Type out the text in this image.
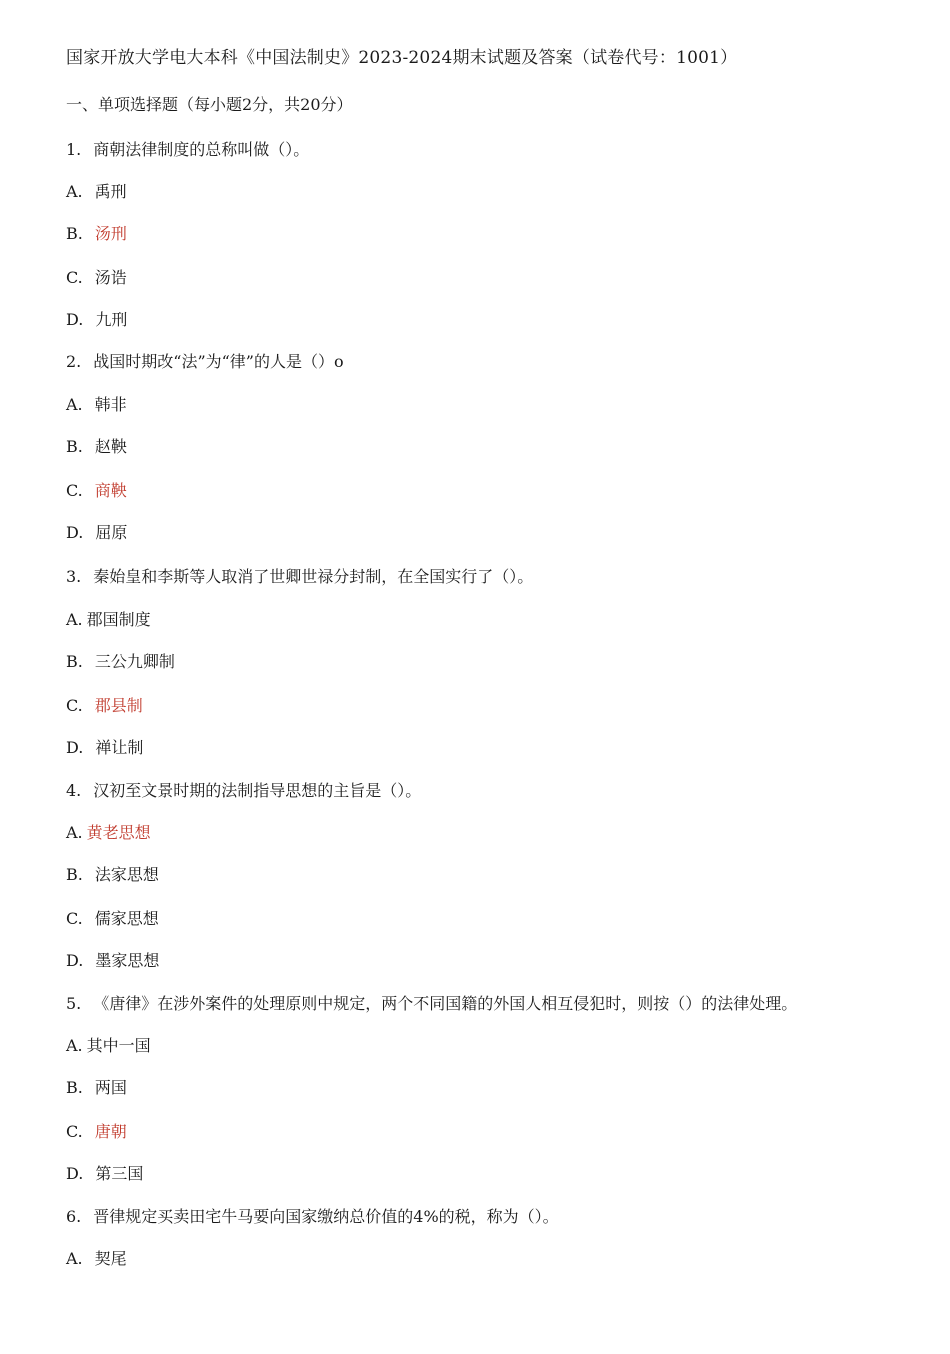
国家开放大学电大本科《中国法制史》2023-2024期末试题及答案（试卷代号：1001）
一、单项选择题（每小题2分，共20分）
1. 商朝法律制度的总称叫做（）。
A. 禹刑
B. 汤刑
C. 汤诰
D. 九刑
2. 战国时期改“法”为“律”的人是（）o
A. 韩非
B. 赵鞅
C. 商鞅
D. 屈原
3. 秦始皇和李斯等人取消了世卿世禄分封制，在全国实行了（）。
A. 郡国制度
B. 三公九卿制
C. 郡县制
D. 禅让制
4. 汉初至文景时期的法制指导思想的主旨是（）。
A. 黄老思想
B. 法家思想
C. 儒家思想
D. 墨家思想
5. 《唐律》在涉外案件的处理原则中规定，两个不同国籍的外国人相互侵犯时，则按（）的法律处理。
A. 其中一国
B. 两国
C. 唐朝
D. 第三国
6. 晋律规定买卖田宅牛马要向国家缴纳总价值的4%的税，称为（）。
A. 契尾
